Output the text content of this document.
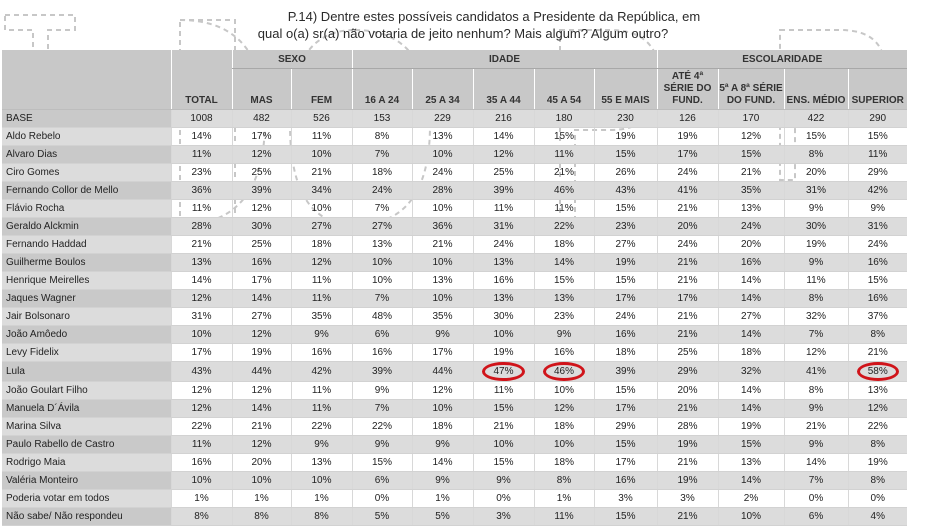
P.14) Dentre estes possíveis candidatos a Presidente da República, em
qual o(a) sr(a) não votaria de jeito nenhum? Mais algum? Algum outro?
		SEXO		IDADE					ESCOLARIDADE			
	TOTAL	MAS	FEM	16 A 24	25 A 34	35 A 44	45 A 54	55 E MAIS	ATÉ 4ª SÉRIE DO FUND.	5ª A 8ª SÉRIE DO FUND.	ENS. MÉDIO	SUPERIOR
BASE	1008	482	526	153	229	216	180	230	126	170	422	290
Aldo Rebelo	14%	17%	11%	8%	13%	14%	15%	19%	19%	12%	15%	15%
Alvaro Dias	11%	12%	10%	7%	10%	12%	11%	15%	17%	15%	8%	11%
Ciro Gomes	23%	25%	21%	18%	24%	25%	21%	26%	24%	21%	20%	29%
Fernando Collor de Mello	36%	39%	34%	24%	28%	39%	46%	43%	41%	35%	31%	42%
Flávio Rocha	11%	12%	10%	7%	10%	11%	11%	15%	21%	13%	9%	9%
Geraldo Alckmin	28%	30%	27%	27%	36%	31%	22%	23%	20%	24%	30%	31%
Fernando Haddad	21%	25%	18%	13%	21%	24%	18%	27%	24%	20%	19%	24%
Guilherme Boulos	13%	16%	12%	10%	10%	13%	14%	19%	21%	16%	9%	16%
Henrique Meirelles	14%	17%	11%	10%	13%	16%	15%	15%	21%	14%	11%	15%
Jaques Wagner	12%	14%	11%	7%	10%	13%	13%	17%	17%	14%	8%	16%
Jair Bolsonaro	31%	27%	35%	48%	35%	30%	23%	24%	21%	27%	32%	37%
João Amôedo	10%	12%	9%	6%	9%	10%	9%	16%	21%	14%	7%	8%
Levy Fidelix	17%	19%	16%	16%	17%	19%	16%	18%	25%	18%	12%	21%
Lula	43%	44%	42%	39%	44%	47%	46%	39%	29%	32%	41%	58%
João Goulart Filho	12%	12%	11%	9%	12%	11%	10%	15%	20%	14%	8%	13%
Manuela D´Ávila	12%	14%	11%	7%	10%	15%	12%	17%	21%	14%	9%	12%
Marina Silva	22%	21%	22%	22%	18%	21%	18%	29%	28%	19%	21%	22%
Paulo Rabello de Castro	11%	12%	9%	9%	9%	10%	10%	15%	19%	15%	9%	8%
Rodrigo Maia	16%	20%	13%	15%	14%	15%	18%	17%	21%	13%	14%	19%
Valéria Monteiro	10%	10%	10%	6%	9%	9%	8%	16%	19%	14%	7%	8%
Poderia votar em todos	1%	1%	1%	0%	1%	0%	1%	3%	3%	2%	0%	0%
Não sabe/ Não respondeu	8%	8%	8%	5%	5%	3%	11%	15%	21%	10%	6%	4%
